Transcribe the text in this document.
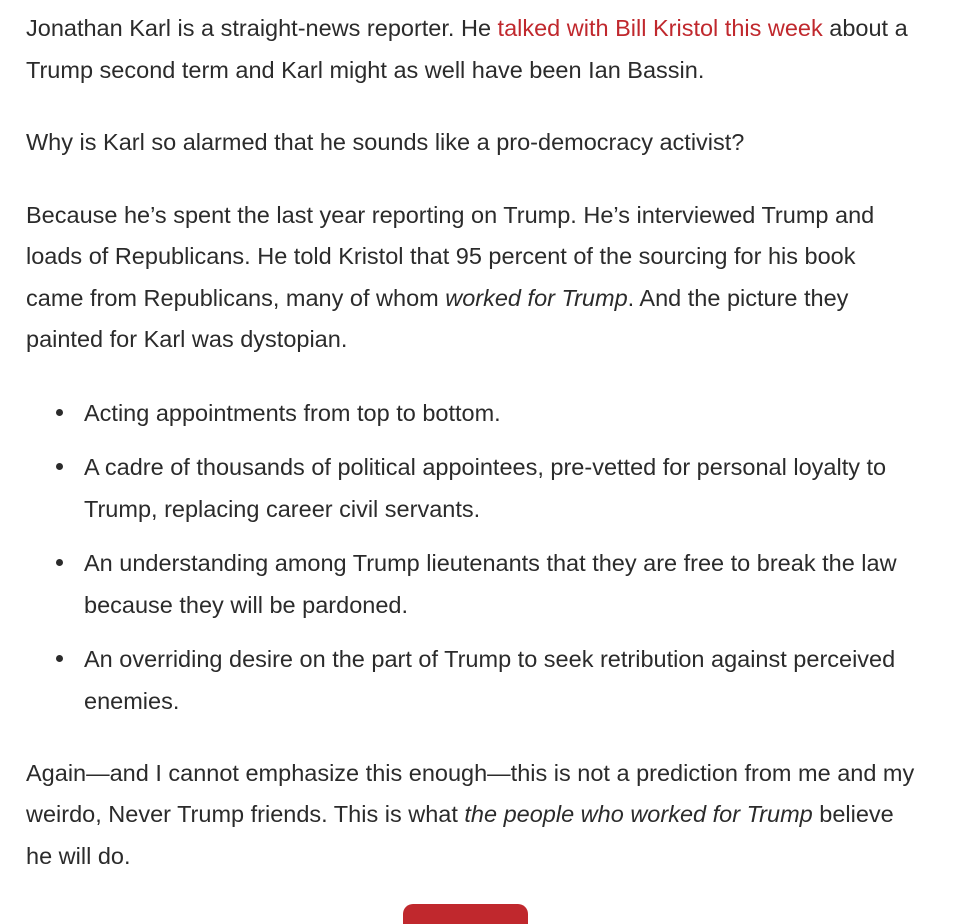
Jonathan Karl is a straight-news reporter. He talked with Bill Kristol this week about a Trump second term and Karl might as well have been Ian Bassin.

Why is Karl so alarmed that he sounds like a pro-democracy activist?

Because he’s spent the last year reporting on Trump. He’s interviewed Trump and loads of Republicans. He told Kristol that 95 percent of the sourcing for his book came from Republicans, many of whom worked for Trump. And the picture they painted for Karl was dystopian.

Acting appointments from top to bottom.
A cadre of thousands of political appointees, pre-vetted for personal loyalty to Trump, replacing career civil servants.
An understanding among Trump lieutenants that they are free to break the law because they will be pardoned.
An overriding desire on the part of Trump to seek retribution against perceived enemies.

Again—and I cannot emphasize this enough—this is not a prediction from me and my weirdo, Never Trump friends. This is what the people who worked for Trump believe he will do.
